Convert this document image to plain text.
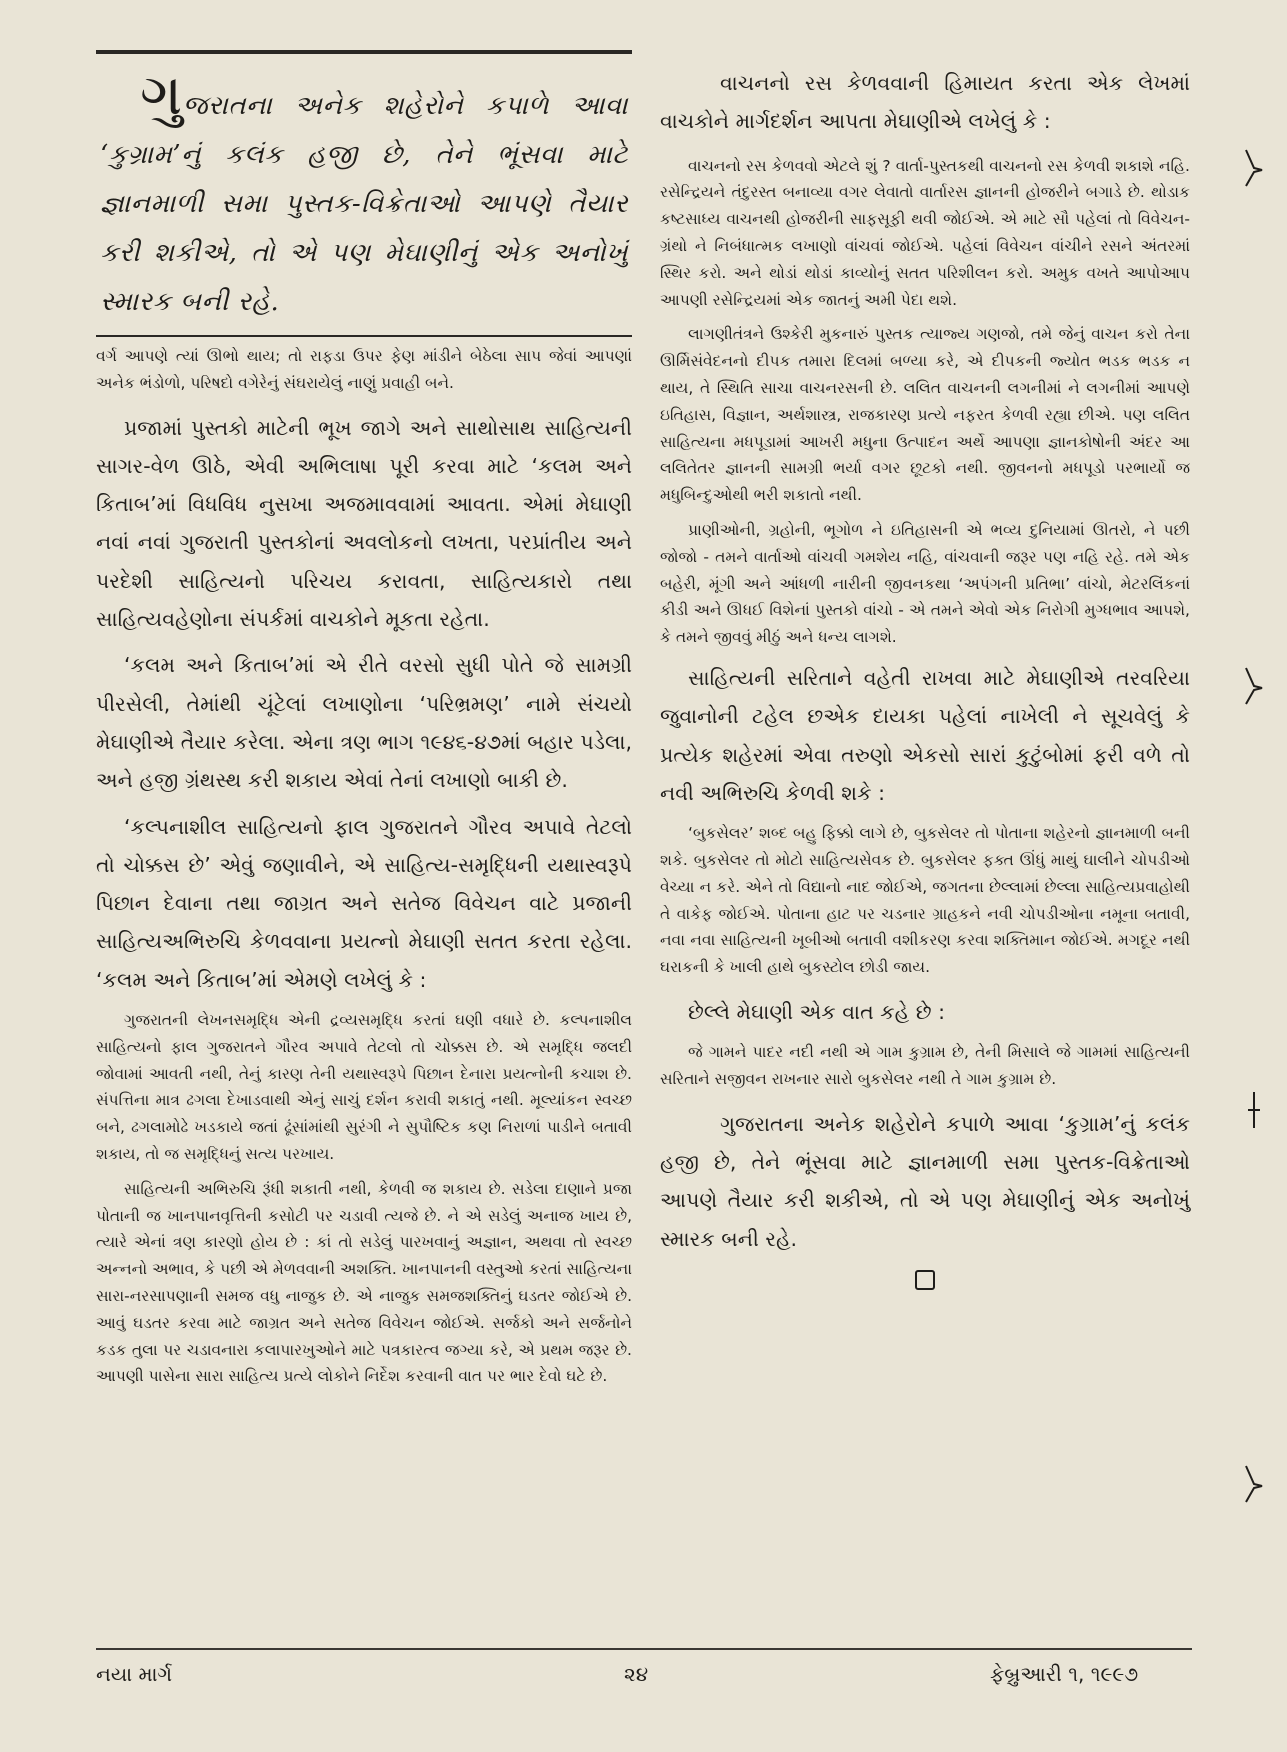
ગુજરાતના અનેક શહેરોને કપાળે આવા ‘કુગ્રામ’નું કલંક હજી છે, તેને ભૂંસવા માટે જ્ઞાનમાળી સમા પુસ્તક-વિક્રેતાઓ આપણે તૈયાર કરી શકીએ, તો એ પણ મેઘાણીનું એક અનોખું સ્મારક બની રહે.

વર્ગ આપણે ત્યાં ઊભો થાય; તો રાફડા ઉપર ફેણ માંડીને બેઠેલા સાપ જેવાં આપણાં અનેક ભંડોળો, પરિષદો વગેરેનું સંઘરાયેલું નાણું પ્રવાહી બને.

પ્રજામાં પુસ્તકો માટેની ભૂખ જાગે અને સાથોસાથ સાહિત્યની સાગર-વેળ ઊઠે, એવી અભિલાષા પૂરી કરવા માટે ‘કલમ અને કિતાબ’માં વિધવિધ નુસખા અજમાવવામાં આવતા. એમાં મેઘાણી નવાં નવાં ગુજરાતી પુસ્તકોનાં અવલોકનો લખતા, પરપ્રાંતીય અને પરદેશી સાહિત્યનો પરિચય કરાવતા, સાહિત્યકારો તથા સાહિત્યવહેણોના સંપર્કમાં વાચકોને મૂકતા રહેતા.

‘કલમ અને કિતાબ’માં એ રીતે વરસો સુધી પોતે જે સામગ્રી પીરસેલી, તેમાંથી ચૂંટેલાં લખાણોના ‘પરિભ્રમણ’ નામે સંચયો મેઘાણીએ તૈયાર કરેલા. એના ત્રણ ભાગ ૧૯૪૬-૪૭માં બહાર પડેલા, અને હજી ગ્રંથસ્થ કરી શકાય એવાં તેનાં લખાણો બાકી છે.

‘કલ્પનાશીલ સાહિત્યનો ફાલ ગુજરાતને ગૌરવ અપાવે તેટલો તો ચોક્કસ છે’ એવું જણાવીને, એ સાહિત્ય-સમૃદ્ધિની યથાસ્વરૂપે પિછાન દેવાના તથા જાગ્રત અને સતેજ વિવેચન વાટે પ્રજાની સાહિત્યઅભિરુચિ કેળવવાના પ્રયત્નો મેઘાણી સતત કરતા રહેલા. ‘કલમ અને કિતાબ’માં એમણે લખેલું કે :

ગુજરાતની લેખનસમૃદ્ધિ એની દ્રવ્યસમૃદ્ધિ કરતાં ઘણી વધારે છે. કલ્પનાશીલ સાહિત્યનો ફાલ ગુજરાતને ગૌરવ અપાવે તેટલો તો ચોક્કસ છે. એ સમૃદ્ધિ જલદી જોવામાં આવતી નથી, તેનું કારણ તેની યથાસ્વરૂપે પિછાન દેનારા પ્રયત્નોની કચાશ છે. સંપત્તિના માત્ર ઢગલા દેખાડવાથી એનું સાચું દર્શન કરાવી શકાતું નથી. મૂલ્યાંકન સ્વચ્છ બને, ઢગલામોઢે ખડકાયે જતાં ઢૂંસાંમાંથી સુરંગી ને સુપૌષ્ટિક કણ નિરાળાં પાડીને બતાવી શકાય, તો જ સમૃદ્ધિનું સત્ય પરખાય.

સાહિત્યની અભિરુચિ રૂંધી શકાતી નથી, કેળવી જ શકાય છે. સડેલા દાણાને પ્રજા પોતાની જ ખાનપાનવૃત્તિની કસોટી પર ચડાવી ત્યજે છે. ને એ સડેલું અનાજ ખાય છે, ત્યારે એનાં ત્રણ કારણો હોય છે : કાં તો સડેલું પારખવાનું અજ્ઞાન, અથવા તો સ્વચ્છ અન્નનો અભાવ, કે પછી એ મેળવવાની અશક્તિ. ખાનપાનની વસ્તુઓ કરતાં સાહિત્યના સારા-નરસાપણાની સમજ વધુ નાજુક છે. એ નાજુક સમજશક્તિનું ઘડતર જોઈએ છે. આવું ઘડતર કરવા માટે જાગ્રત અને સતેજ વિવેચન જોઈએ. સર્જકો અને સર્જનોને કડક તુલા પર ચડાવનારા કલાપારખુઓને માટે પત્રકારત્વ જગ્યા કરે, એ પ્રથમ જરૂર છે. આપણી પાસેના સારા સાહિત્ય પ્રત્યે લોકોને નિર્દેશ કરવાની વાત પર ભાર દેવો ઘટે છે.

વાચનનો રસ કેળવવાની હિમાયત કરતા એક લેખમાં વાચકોને માર્ગદર્શન આપતા મેઘાણીએ લખેલું કે :

વાચનનો રસ કેળવવો એટલે શું ? વાર્તા-પુસ્તકથી વાચનનો રસ કેળવી શકાશે નહિ. રસેન્દ્રિયને તંદુરસ્ત બનાવ્યા વગર લેવાતો વાર્તારસ જ્ઞાનની હોજરીને બગાડે છે. થોડાક કષ્ટસાધ્ય વાચનથી હોજરીની સાફસૂફી થવી જોઈએ. એ માટે સૌ પહેલાં તો વિવેચન-ગ્રંથો ને નિબંધાત્મક લખાણો વાંચવાં જોઈએ. પહેલાં વિવેચન વાંચીને રસને અંતરમાં સ્થિર કરો. અને થોડાં થોડાં કાવ્યોનું સતત પરિશીલન કરો. અમુક વખતે આપોઆપ આપણી રસેન્દ્રિયમાં એક જાતનું અમી પેદા થશે.

લાગણીતંત્રને ઉશ્કેરી મુકનારું પુસ્તક ત્યાજ્ય ગણજો, તમે જેનું વાચન કરો તેના ઊર્મિસંવેદનનો દીપક તમારા દિલમાં બળ્યા કરે, એ દીપકની જ્યોત ભડક ભડક ન થાય, તે સ્થિતિ સાચા વાચનરસની છે. લલિત વાચનની લગનીમાં ને લગનીમાં આપણે ઇતિહાસ, વિજ્ઞાન, અર્થશાસ્ત્ર, રાજકારણ પ્રત્યે નફરત કેળવી રહ્યા છીએ. પણ લલિત સાહિત્યના મધપૂડામાં આખરી મધુના ઉત્પાદન અર્થે આપણા જ્ઞાનકોષોની અંદર આ લલિતેતર જ્ઞાનની સામગ્રી ભર્યા વગર છૂટકો નથી. જીવનનો મધપૂડો પરભાર્યો જ મધુબિન્દુઓથી ભરી શકાતો નથી.

પ્રાણીઓની, ગ્રહોની, ભૂગોળ ને ઇતિહાસની એ ભવ્ય દુનિયામાં ઊતરો, ને પછી જોજો - તમને વાર્તાઓ વાંચવી ગમશેય નહિ, વાંચવાની જરૂર પણ નહિ રહે. તમે એક બહેરી, મૂંગી અને આંધળી નારીની જીવનકથા ‘અપંગની પ્રતિભા’ વાંચો, મેટરલિંકનાં કીડી અને ઊધઈ વિશેનાં પુસ્તકો વાંચો - એ તમને એવો એક નિરોગી મુગ્ધભાવ આપશે, કે તમને જીવવું મીઠું અને ધન્ય લાગશે.

સાહિત્યની સરિતાને વહેતી રાખવા માટે મેઘાણીએ તરવરિયા જુવાનોની ટહેલ છએક દાયકા પહેલાં નાખેલી ને સૂચવેલું કે પ્રત્યેક શહેરમાં એવા તરુણો એકસો સારાં કુટુંબોમાં ફરી વળે તો નવી અભિરુચિ કેળવી શકે :

‘બુકસેલર’ શબ્દ બહુ ફિક્કો લાગે છે, બુકસેલર તો પોતાના શહેરનો જ્ઞાનમાળી બની શકે. બુકસેલર તો મોટો સાહિત્યસેવક છે. બુકસેલર ફક્ત ઊંધું માથું ઘાલીને ચોપડીઓ વેચ્યા ન કરે. એને તો વિદ્યાનો નાદ જોઈએ, જગતના છેલ્લામાં છેલ્લા સાહિત્યપ્રવાહોથી તે વાકેફ જોઈએ. પોતાના હાટ પર ચડનાર ગ્રાહકને નવી ચોપડીઓના નમૂના બતાવી, નવા નવા સાહિત્યની ખૂબીઓ બતાવી વશીકરણ કરવા શક્તિમાન જોઈએ. મગદૂર નથી ઘરાકની કે ખાલી હાથે બુકસ્ટોલ છોડી જાય.

છેલ્લે મેઘાણી એક વાત કહે છે :

જે ગામને પાદર નદી નથી એ ગામ કુગ્રામ છે, તેની મિસાલે જે ગામમાં સાહિત્યની સરિતાને સજીવન રાખનાર સારો બુકસેલર નથી તે ગામ કુગ્રામ છે.

ગુજરાતના અનેક શહેરોને કપાળે આવા ‘કુગ્રામ’નું કલંક હજી છે, તેને ભૂંસવા માટે જ્ઞાનમાળી સમા પુસ્તક-વિક્રેતાઓ આપણે તૈયાર કરી શકીએ, તો એ પણ મેઘાણીનું એક અનોખું સ્મારક બની રહે.

નયા માર્ગ	૨૪	ફેબ્રુઆરી ૧, ૧૯૯૭
